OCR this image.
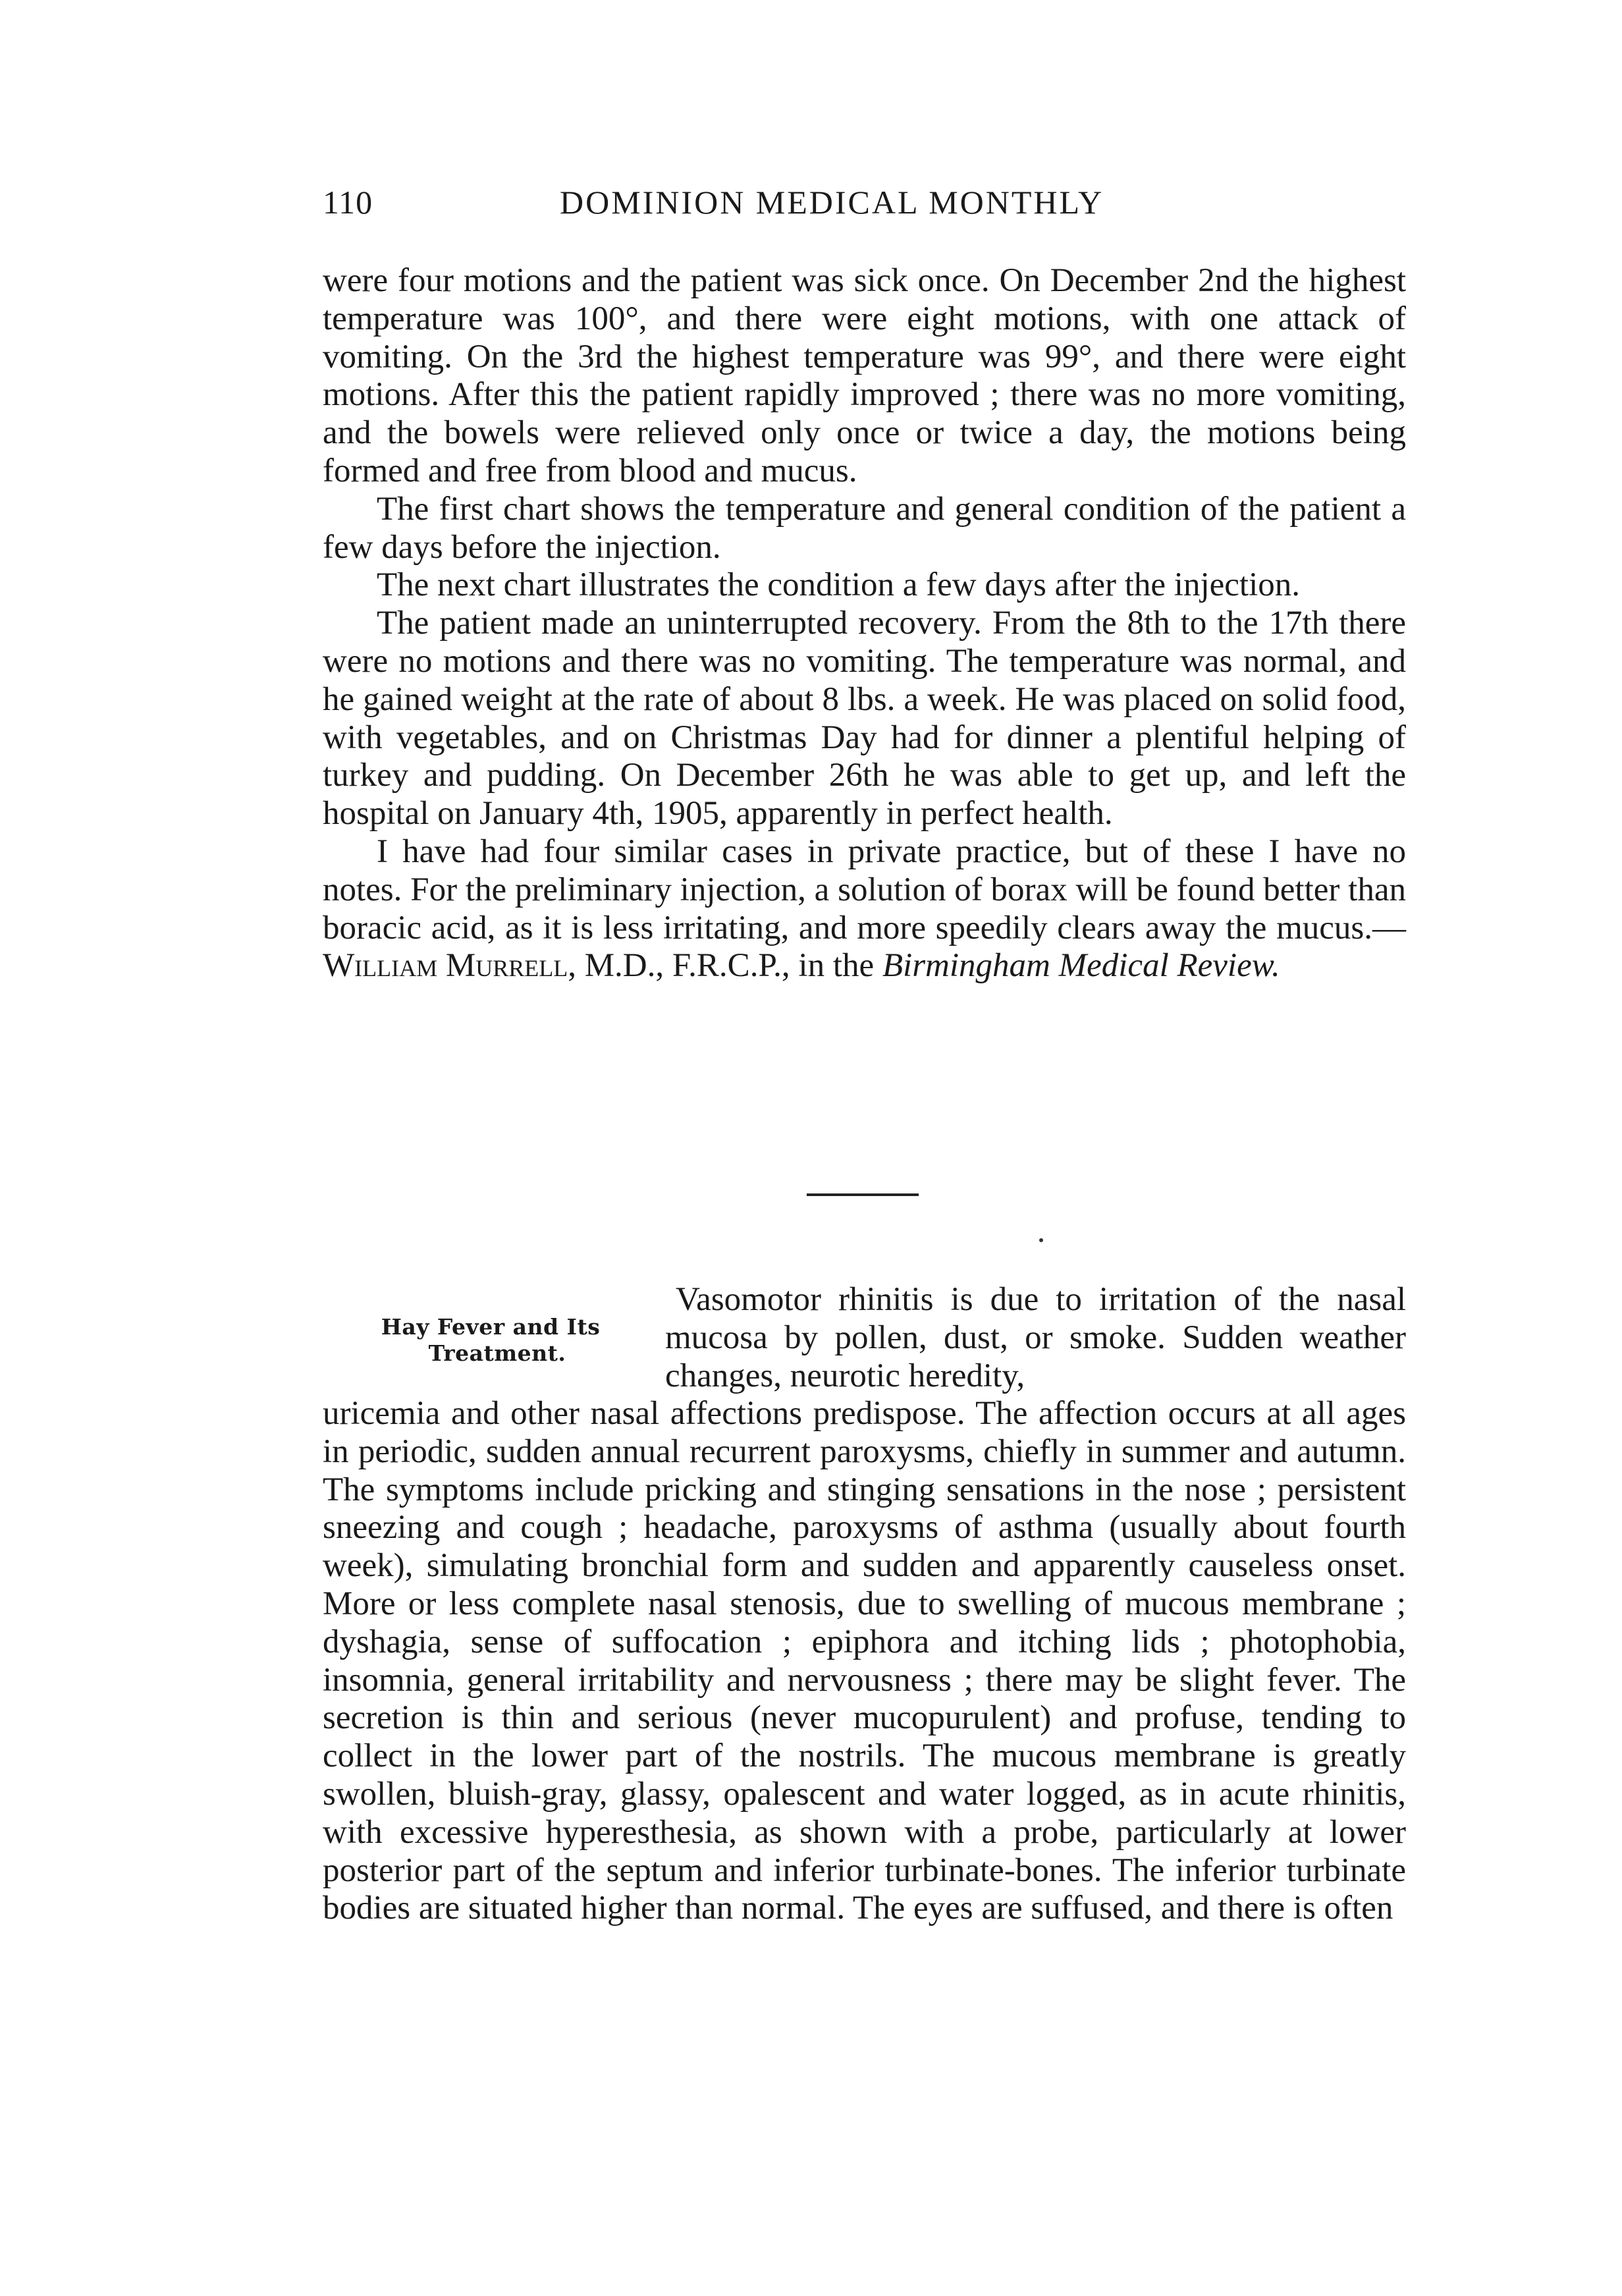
110	DOMINION MEDICAL MONTHLY

were four motions and the patient was sick once. On December 2nd the highest temperature was 100°, and there were eight motions, with one attack of vomiting. On the 3rd the highest temperature was 99°, and there were eight motions. After this the patient rapidly improved ; there was no more vomiting, and the bowels were relieved only once or twice a day, the motions being formed and free from blood and mucus.

The first chart shows the temperature and general condition of the patient a few days before the injection.

The next chart illustrates the condition a few days after the injection.

The patient made an uninterrupted recovery. From the 8th to the 17th there were no motions and there was no vomiting. The temperature was normal, and he gained weight at the rate of about 8 lbs. a week. He was placed on solid food, with vegetables, and on Christmas Day had for dinner a plentiful helping of turkey and pudding. On December 26th he was able to get up, and left the hospital on January 4th, 1905, apparently in perfect health.

I have had four similar cases in private practice, but of these I have no notes. For the preliminary injection, a solution of borax will be found better than boracic acid, as it is less irritating, and more speedily clears away the mucus.—William Murrell, M.D., F.R.C.P., in the Birmingham Medical Review.

Hay Fever and Its
Treatment.

Vasomotor rhinitis is due to irritation of the nasal mucosa by pollen, dust, or smoke. Sudden weather changes, neurotic heredity,

uricemia and other nasal affections predispose. The affection occurs at all ages in periodic, sudden annual recurrent paroxysms, chiefly in summer and autumn. The symptoms include pricking and stinging sensations in the nose ; persistent sneezing and cough ; headache, paroxysms of asthma (usually about fourth week), simulating bronchial form and sudden and apparently causeless onset. More or less complete nasal stenosis, due to swelling of mucous membrane ; dyshagia, sense of suffocation ; epiphora and itching lids ; photophobia, insomnia, general irritability and nervousness ; there may be slight fever. The secretion is thin and serious (never mucopurulent) and profuse, tending to collect in the lower part of the nostrils. The mucous membrane is greatly swollen, bluish-gray, glassy, opalescent and water logged, as in acute rhinitis, with excessive hyperesthesia, as shown with a probe, particularly at lower posterior part of the septum and inferior turbinate-bones. The inferior turbinate bodies are situated higher than normal. The eyes are suffused, and there is often
